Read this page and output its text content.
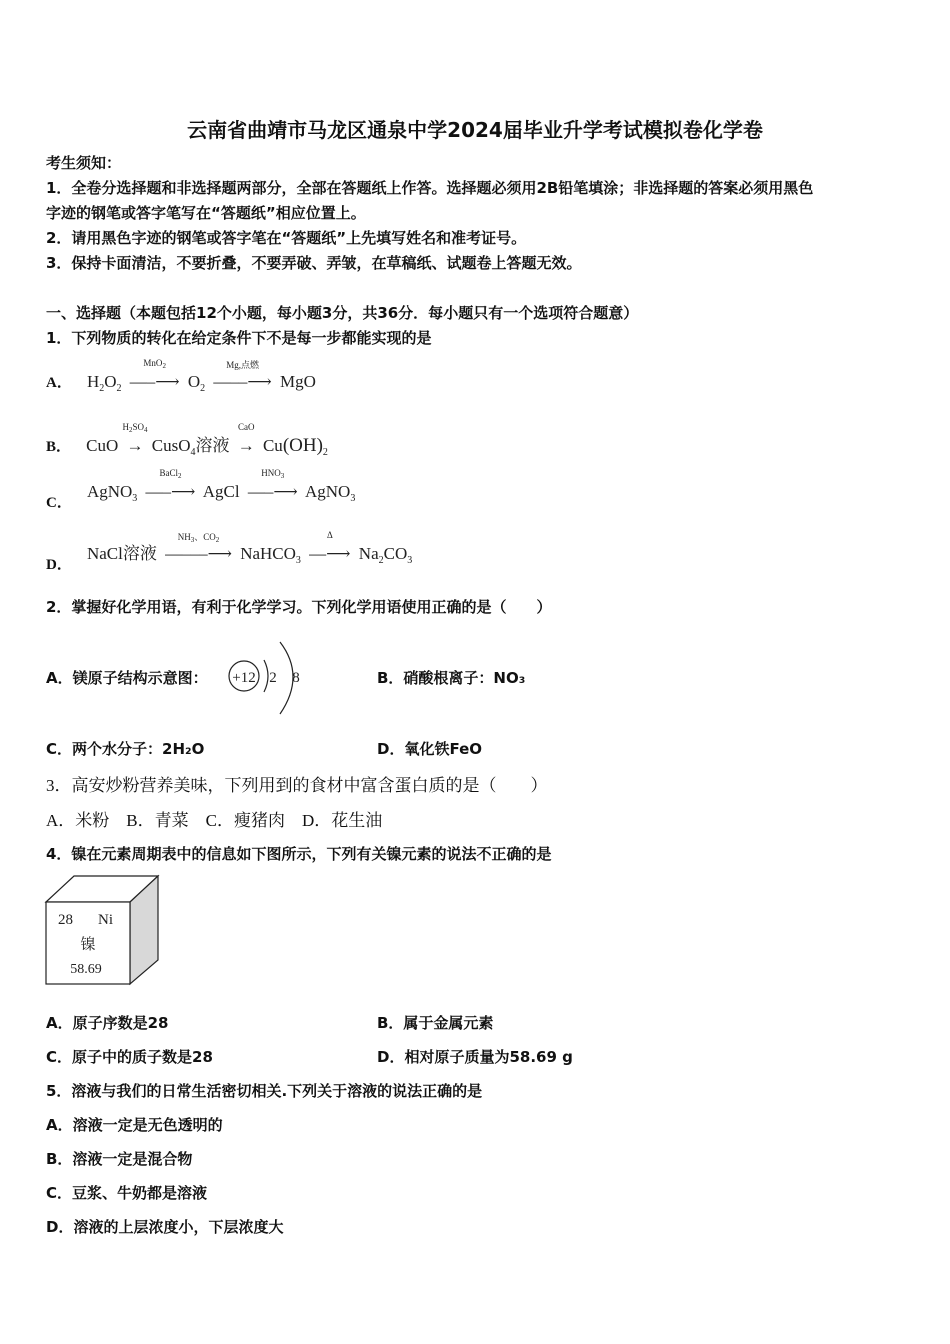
云南省曲靖市马龙区通泉中学2024届毕业升学考试模拟卷化学卷
考生须知：
1．全卷分选择题和非选择题两部分，全部在答题纸上作答。选择题必须用2B铅笔填涂；非选择题的答案必须用黑色
字迹的钢笔或答字笔写在“答题纸”相应位置上。
2．请用黑色字迹的钢笔或答字笔在“答题纸”上先填写姓名和准考证号。
3．保持卡面清洁，不要折叠，不要弄破、弄皱，在草稿纸、试题卷上答题无效。
一、选择题（本题包括12个小题，每小题3分，共36分．每小题只有一个选项符合题意）
1．下列物质的转化在给定条件下不是每一步都能实现的是
A． $H_2O_2$ —–⟶
MnO$_2$
$O_2$ —––⟶
Mg,点燃
MgO
B． CuO →
$H_2SO_4$
CusO$_4$溶液 →
CaO
$Cu(OH)_2$
C． AgNO$_3$ —–⟶
BaCl$_2$
AgCl —–⟶
$HNO_3$
AgNO$_3$
D． NaCl溶液 —–––⟶
$NH_3$、$CO_2$
NaHCO$_3$ —⟶
Δ
$Na_2CO_3$
2．掌握好化学用语，有利于化学学习。下列化学用语使用正确的是（　　）
A．镁原子结构示意图： +12 2 8	B．硝酸根离子：NO₃
C．两个水分子：2H₂O	D．氧化铁FeO
3．高安炒粉营养美味，下列用到的食材中富含蛋白质的是（　　）
A．米粉　B．青菜　C．瘦猪肉　D．花生油
4．镍在元素周期表中的信息如下图所示，下列有关镍元素的说法不正确的是
28 Ni
镍
58.69
A．原子序数是28	B．属于金属元素
C．原子中的质子数是28	D．相对原子质量为58.69 g
5．溶液与我们的日常生活密切相关.下列关于溶液的说法正确的是
A．溶液一定是无色透明的
B．溶液一定是混合物
C．豆浆、牛奶都是溶液
D．溶液的上层浓度小，下层浓度大
